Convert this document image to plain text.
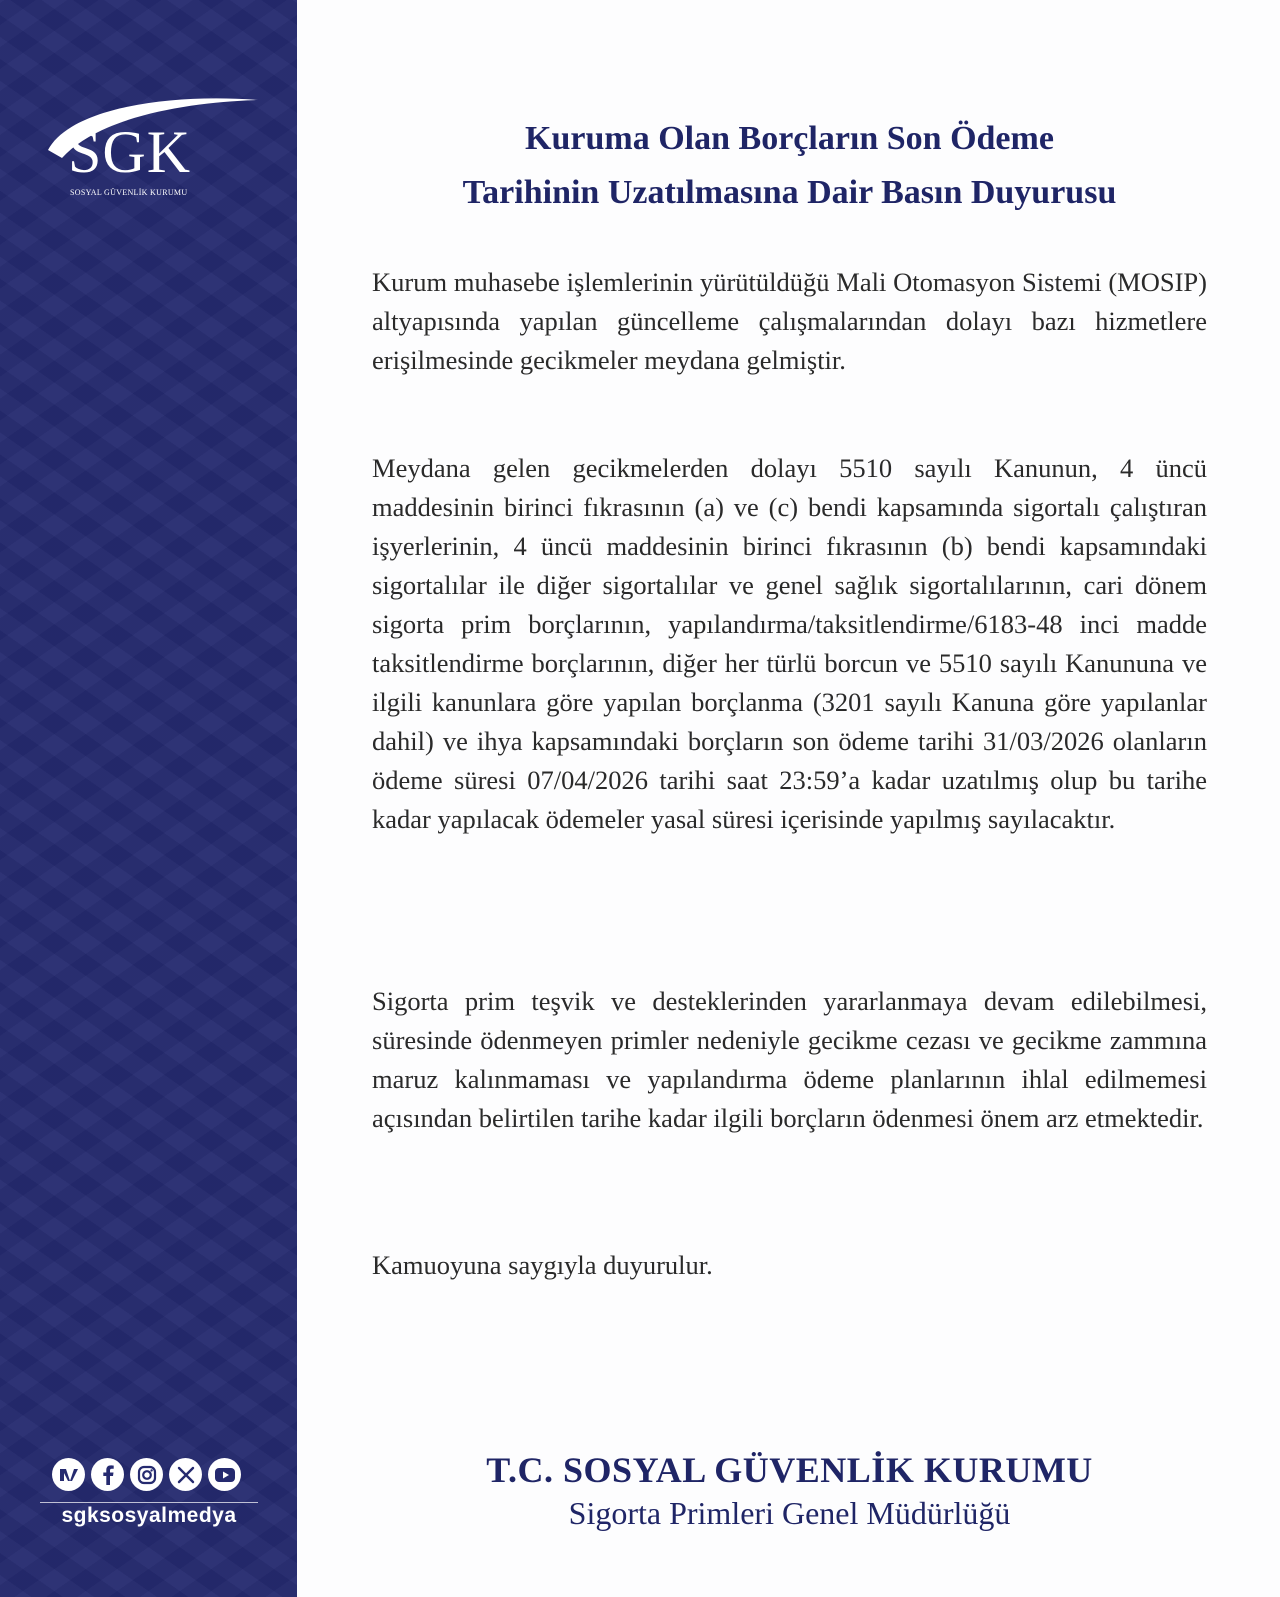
SGK
SOSYAL GÜVENLİK KURUMU
sgksosyalmedya
Kuruma Olan Borçların Son Ödeme
Tarihinin Uzatılmasına Dair Basın Duyurusu

Kurum muhasebe işlemlerinin yürütüldüğü Mali Otomasyon Sistemi (MOSIP) altyapısında yapılan güncelleme çalışmalarından dolayı bazı hizmetlere erişilmesinde gecikmeler meydana gelmiştir.

Meydana gelen gecikmelerden dolayı 5510 sayılı Kanunun, 4 üncü maddesinin birinci fıkrasının (a) ve (c) bendi kapsamında sigortalı çalıştıran işyerlerinin, 4 üncü maddesinin birinci fıkrasının (b) bendi kapsamındaki sigortalılar ile diğer sigortalılar ve genel sağlık sigortalılarının, cari dönem sigorta prim borçlarının, yapılandırma/taksitlendirme/6183-48 inci madde taksitlendirme borçlarının, diğer her türlü borcun ve 5510 sayılı Kanununa ve ilgili kanunlara göre yapılan borçlanma (3201 sayılı Kanuna göre yapılanlar dahil) ve ihya kapsamındaki borçların son ödeme tarihi 31/03/2026 olanların ödeme süresi 07/04/2026 tarihi saat 23:59’a kadar uzatılmış olup bu tarihe kadar yapılacak ödemeler yasal süresi içerisinde yapılmış sayılacaktır.

Sigorta prim teşvik ve desteklerinden yararlanmaya devam edilebilmesi, süresinde ödenmeyen primler nedeniyle gecikme cezası ve gecikme zammına maruz kalınmaması ve yapılandırma ödeme planlarının ihlal edilmemesi açısından belirtilen tarihe kadar ilgili borçların ödenmesi önem arz etmektedir.

Kamuoyuna saygıyla duyurulur.

T.C. SOSYAL GÜVENLİK KURUMU
Sigorta Primleri Genel Müdürlüğü
